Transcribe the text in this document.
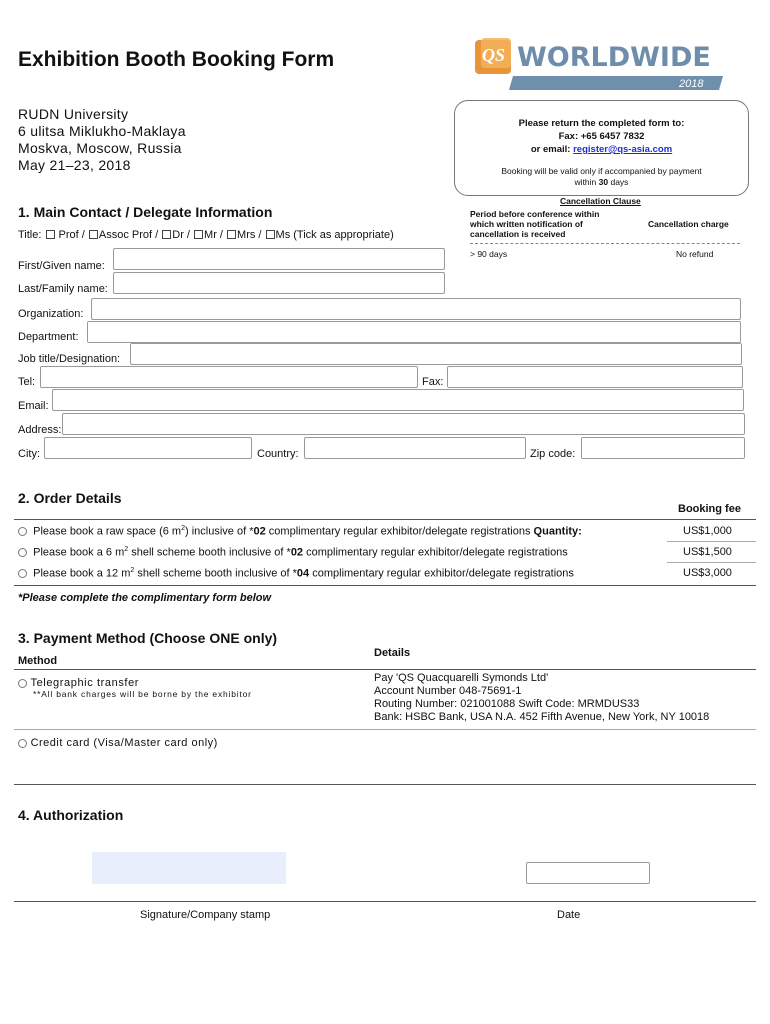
Exhibition Booth Booking Form	QS WORLDWIDE
2018
RUDN University
6 ulitsa Miklukho-Maklaya
Moskva, Moscow, Russia
May 21–23, 2018
Please return the completed form to:
Fax: +65 6457 7832
or email: register@qs-asia.com
Booking will be valid only if accompanied by payment
within 30 days
Cancellation Clause
Period before conference within
which written notification of
cancellation is received
Cancellation charge
> 90 days	No refund
1. Main Contact / Delegate Information
Title:  Prof / Assoc Prof / Dr / Mr / Mrs / Ms (Tick as appropriate)
First/Given name:
Last/Family name:
Organization:
Department:
Job title/Designation:
Tel:	Fax:
Email:
Address:
City:	Country:	Zip code:
2. Order Details
Booking fee
Please book a raw space (6 $m^2$) inclusive of *02 complimentary regular exhibitor/delegate registrations Quantity:	US$1,000
Please book a 6 $m^2$ shell scheme booth inclusive of *02 complimentary regular exhibitor/delegate registrations	US$1,500
Please book a 12 $m^2$ shell scheme booth inclusive of *04 complimentary regular exhibitor/delegate registrations	US$3,000
*Please complete the complimentary form below
3. Payment Method (Choose ONE only)
Details
Method
Telegraphic transfer
**All bank charges will be borne by the exhibitor
Pay 'QS Quacquarelli Symonds Ltd'
Account Number 048-75691-1
Routing Number: 021001088 Swift Code: MRMDUS33
Bank: HSBC Bank, USA N.A. 452 Fifth Avenue, New York, NY 10018
Credit card (Visa/Master card only)
4. Authorization
Signature/Company stamp	Date
